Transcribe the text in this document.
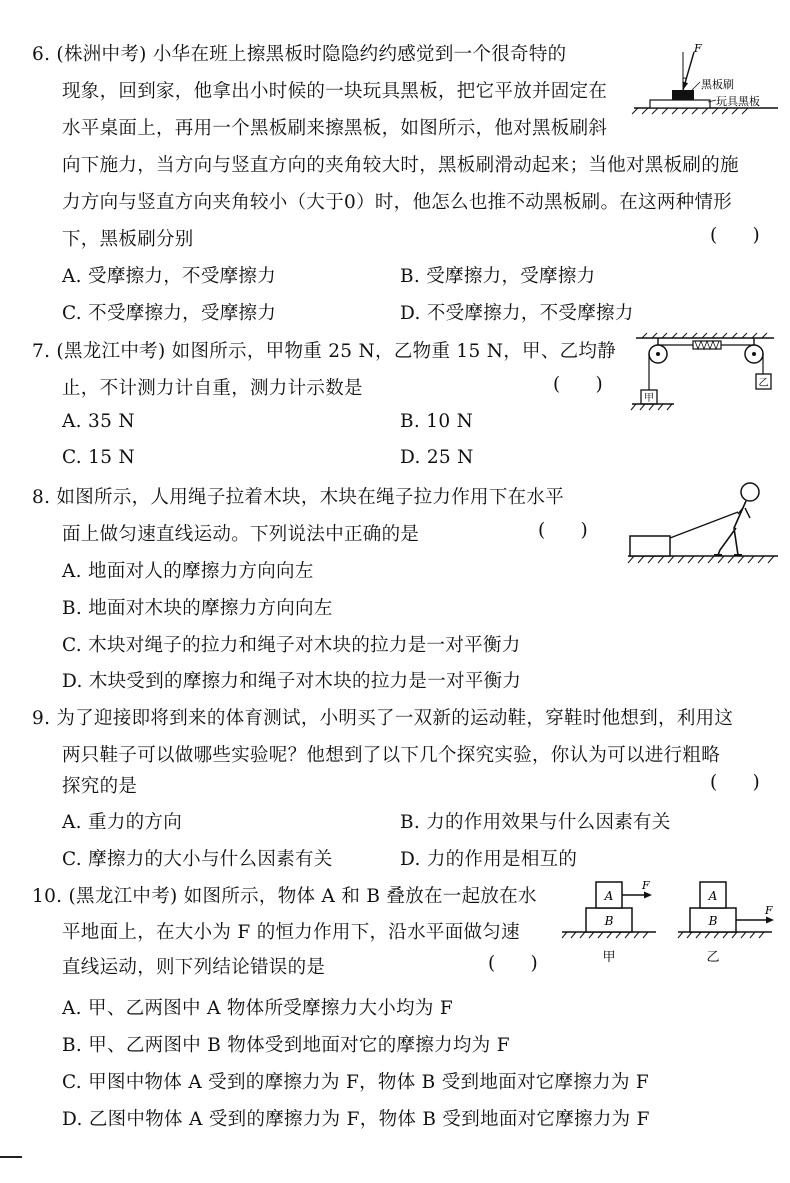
6. (株洲中考) 小华在班上擦黑板时隐隐约约感觉到一个很奇特的
现象，回到家，他拿出小时候的一块玩具黑板，把它平放并固定在
水平桌面上，再用一个黑板刷来擦黑板，如图所示，他对黑板刷斜
向下施力，当方向与竖直方向的夹角较大时，黑板刷滑动起来；当他对黑板刷的施
力方向与竖直方向夹角较小（大于0）时，他怎么也推不动黑板刷。在这两种情形
下，黑板刷分别	(      )
A. 受摩擦力，不受摩擦力	B. 受摩擦力，受摩擦力
C. 不受摩擦力，受摩擦力	D. 不受摩擦力，不受摩擦力
F
黑板刷
玩具黑板
7. (黑龙江中考) 如图所示，甲物重 25 N，乙物重 15 N，甲、乙均静
止，不计测力计自重，测力计示数是	(      )
A. 35 N	B. 10 N
C. 15 N	D. 25 N
甲
乙
8. 如图所示，人用绳子拉着木块，木块在绳子拉力作用下在水平
面上做匀速直线运动。下列说法中正确的是	(      )
A. 地面对人的摩擦力方向向左
B. 地面对木块的摩擦力方向向左
C. 木块对绳子的拉力和绳子对木块的拉力是一对平衡力
D. 木块受到的摩擦力和绳子对木块的拉力是一对平衡力
9. 为了迎接即将到来的体育测试，小明买了一双新的运动鞋，穿鞋时他想到，利用这
两只鞋子可以做哪些实验呢？他想到了以下几个探究实验，你认为可以进行粗略
探究的是	(      )
A. 重力的方向	B. 力的作用效果与什么因素有关
C. 摩擦力的大小与什么因素有关	D. 力的作用是相互的
10. (黑龙江中考) 如图所示，物体 A 和 B 叠放在一起放在水
平地面上，在大小为 F 的恒力作用下，沿水平面做匀速
直线运动，则下列结论错误的是	(      )
A. 甲、乙两图中 A 物体所受摩擦力大小均为 F
B. 甲、乙两图中 B 物体受到地面对它的摩擦力均为 F
C. 甲图中物体 A 受到的摩擦力为 F，物体 B 受到地面对它摩擦力为 F
D. 乙图中物体 A 受到的摩擦力为 F，物体 B 受到地面对它摩擦力为 F
B
A
F
甲
B
A
F
乙
